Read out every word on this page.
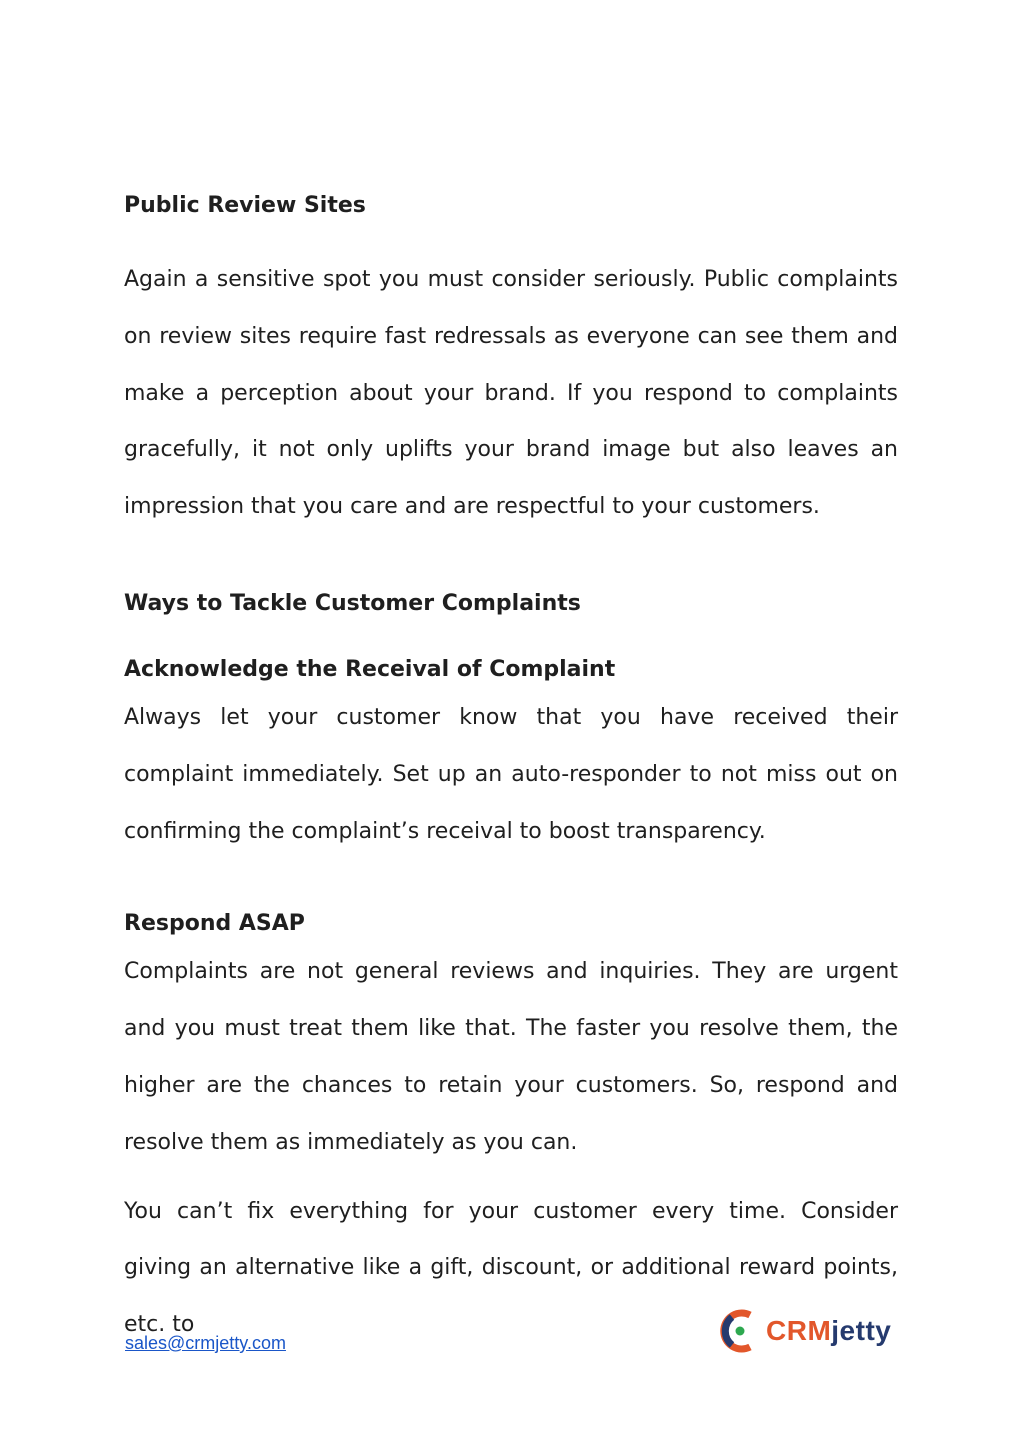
Public Review Sites

Again a sensitive spot you must consider seriously. Public complaints on review sites require fast redressals as everyone can see them and make a perception about your brand. If you respond to complaints gracefully, it not only uplifts your brand image but also leaves an impression that you care and are respectful to your customers.

Ways to Tackle Customer Complaints

Acknowledge the Receival of Complaint

Always let your customer know that you have received their complaint immediately. Set up an auto-responder to not miss out on confirming the complaint’s receival to boost transparency.

Respond ASAP

Complaints are not general reviews and inquiries. They are urgent and you must treat them like that. The faster you resolve them, the higher are the chances to retain your customers. So, respond and resolve them as immediately as you can.

You can’t fix everything for your customer every time. Consider giving an alternative like a gift, discount, or additional reward points, etc. to

sales@crmjetty.com	CRMjetty
